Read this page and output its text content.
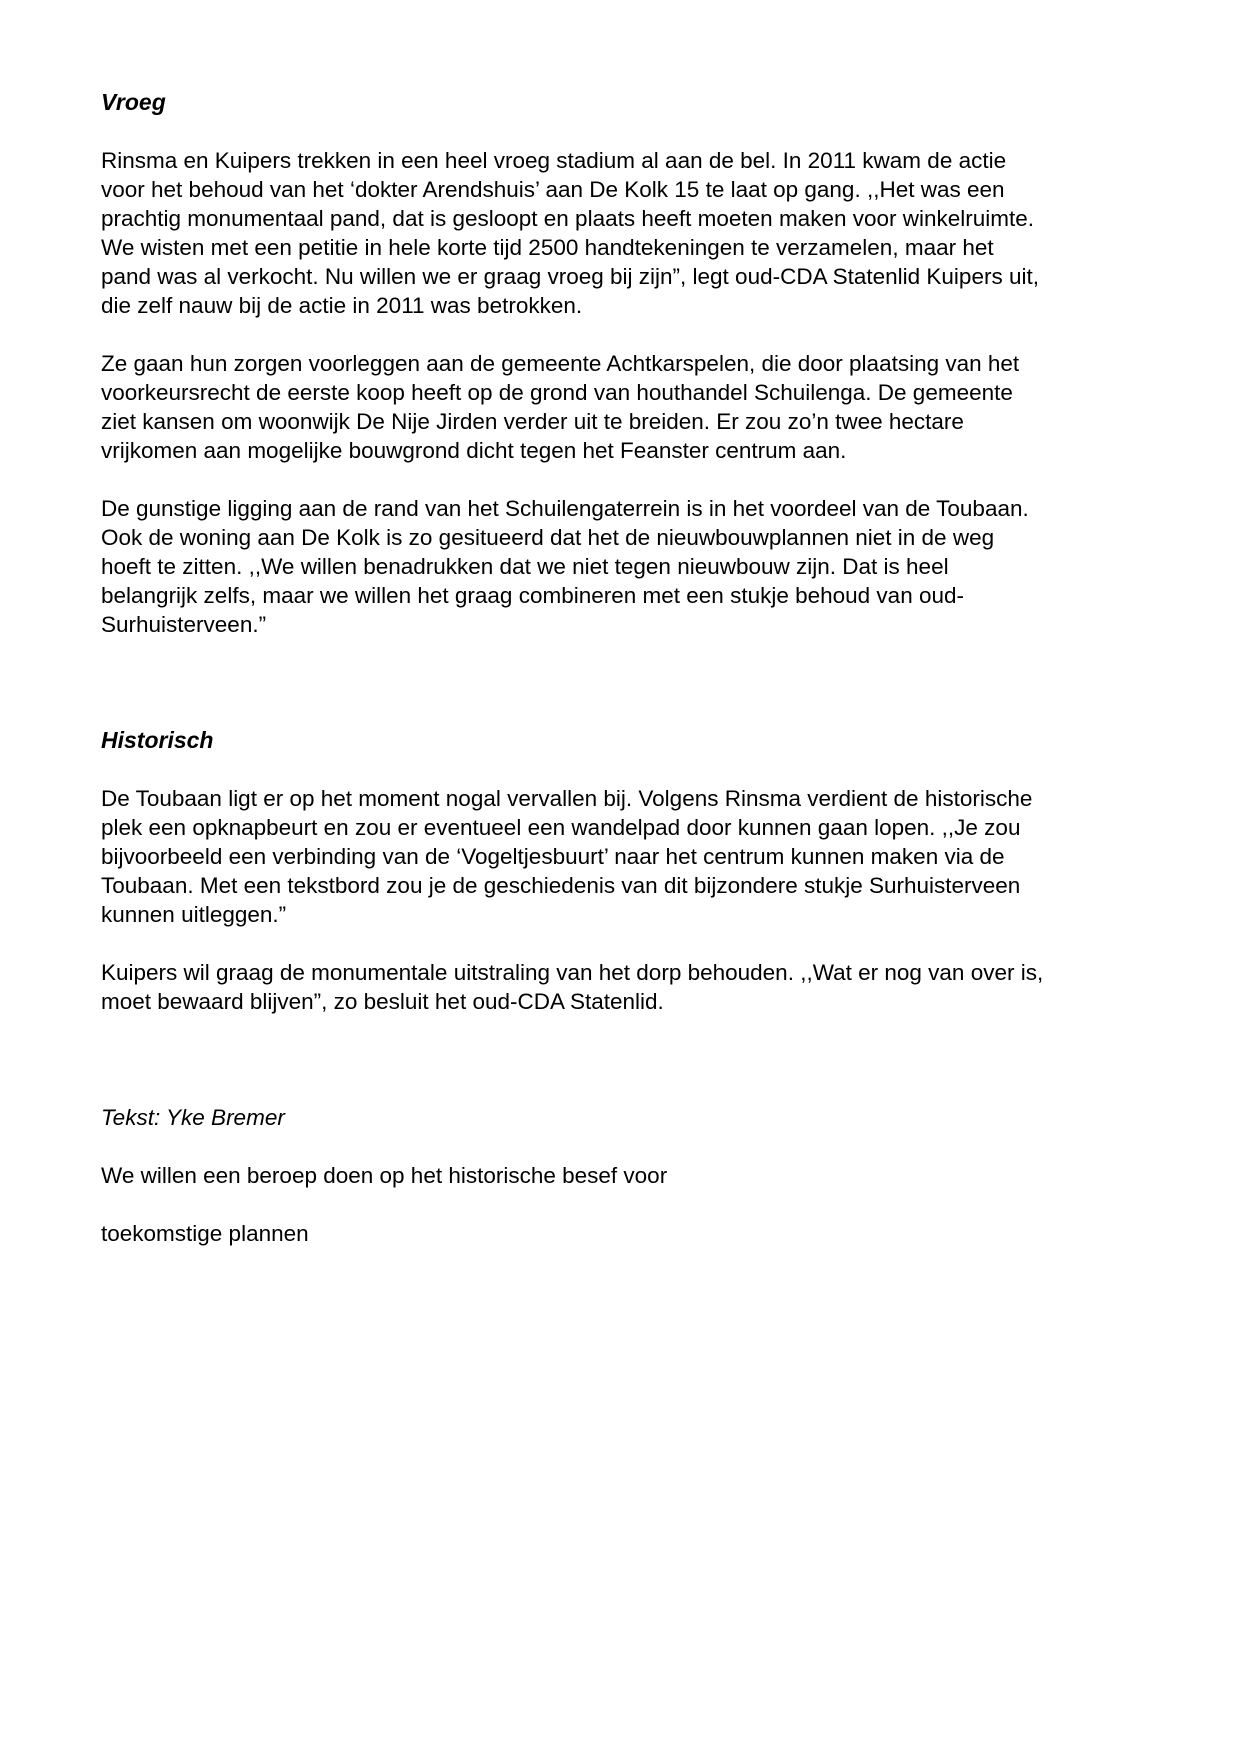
Vroeg

Rinsma en Kuipers trekken in een heel vroeg stadium al aan de bel. In 2011 kwam de actie
voor het behoud van het ‘dokter Arendshuis’ aan De Kolk 15 te laat op gang. ,,Het was een
prachtig monumentaal pand, dat is gesloopt en plaats heeft moeten maken voor winkelruimte.
We wisten met een petitie in hele korte tijd 2500 handtekeningen te verzamelen, maar het
pand was al verkocht. Nu willen we er graag vroeg bij zijn”, legt oud-CDA Statenlid Kuipers uit,
die zelf nauw bij de actie in 2011 was betrokken.

Ze gaan hun zorgen voorleggen aan de gemeente Achtkarspelen, die door plaatsing van het
voorkeursrecht de eerste koop heeft op de grond van houthandel Schuilenga. De gemeente
ziet kansen om woonwijk De Nije Jirden verder uit te breiden. Er zou zo’n twee hectare
vrijkomen aan mogelijke bouwgrond dicht tegen het Feanster centrum aan.

De gunstige ligging aan de rand van het Schuilengaterrein is in het voordeel van de Toubaan.
Ook de woning aan De Kolk is zo gesitueerd dat het de nieuwbouwplannen niet in de weg
hoeft te zitten. ,,We willen benadrukken dat we niet tegen nieuwbouw zijn. Dat is heel
belangrijk zelfs, maar we willen het graag combineren met een stukje behoud van oud-
Surhuisterveen.”

Historisch

De Toubaan ligt er op het moment nogal vervallen bij. Volgens Rinsma verdient de historische
plek een opknapbeurt en zou er eventueel een wandelpad door kunnen gaan lopen. ,,Je zou
bijvoorbeeld een verbinding van de ‘Vogeltjesbuurt’ naar het centrum kunnen maken via de
Toubaan. Met een tekstbord zou je de geschiedenis van dit bijzondere stukje Surhuisterveen
kunnen uitleggen.”

Kuipers wil graag de monumentale uitstraling van het dorp behouden. ,,Wat er nog van over is,
moet bewaard blijven”, zo besluit het oud-CDA Statenlid.

Tekst: Yke Bremer

We willen een beroep doen op het historische besef voor

toekomstige plannen
